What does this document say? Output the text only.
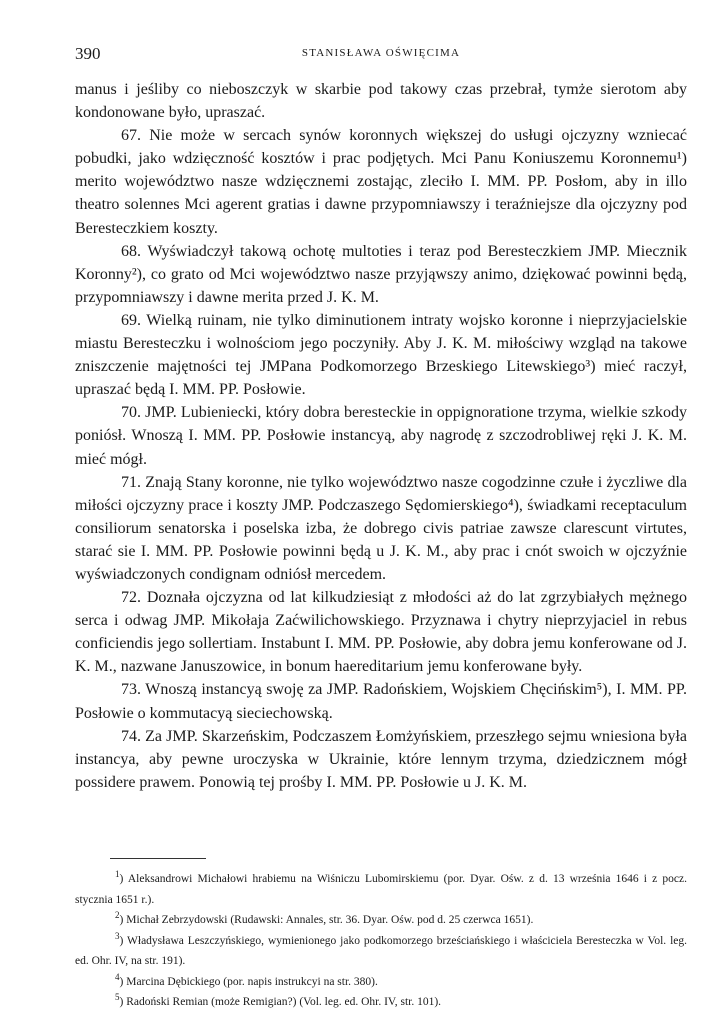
390	STANISŁAWA OŚWIĘCIMA

manus i jeśliby co nieboszczyk w skarbie pod takowy czas przebrał, tymże sierotom aby kondonowane było, upraszać.

67. Nie może w sercach synów koronnych większej do usługi ojczyzny wzniecać pobudki, jako wdzięczność kosztów i prac podjętych. Mci Panu Koniuszemu Koronnemu¹) merito województwo nasze wdzięcznemi zostając, zleciło I. MM. PP. Posłom, aby in illo theatro solennes Mci agerent gratias i dawne przypomniawszy i teraźniejsze dla ojczyzny pod Beresteczkiem koszty.

68. Wyświadczył takową ochotę multoties i teraz pod Beresteczkiem JMP. Miecznik Koronny²), co grato od Mci województwo nasze przyjąwszy animo, dziękować powinni będą, przypomniawszy i dawne merita przed J. K. M.

69. Wielką ruinam, nie tylko diminutionem intraty wojsko koronne i nieprzyjacielskie miastu Beresteczku i wolnościom jego poczyniły. Aby J. K. M. miłościwy wzgląd na takowe zniszczenie majętności tej JMPana Podkomorzego Brzeskiego Litewskiego³) mieć raczył, upraszać będą I. MM. PP. Posłowie.

70. JMP. Lubieniecki, który dobra beresteckie in oppignoratione trzyma, wielkie szkody poniósł. Wnoszą I. MM. PP. Posłowie instancyą, aby nagrodę z szczodrobliwej ręki J. K. M. mieć mógł.

71. Znają Stany koronne, nie tylko województwo nasze cogodzinne czułe i życzliwe dla miłości ojczyzny prace i koszty JMP. Podczaszego Sędomierskiego⁴), świadkami receptaculum consiliorum senatorska i poselska izba, że dobrego civis patriae zawsze clarescunt virtutes, starać sie I. MM. PP. Posłowie powinni będą u J. K. M., aby prac i cnót swoich w ojczyźnie wyświadczonych condignam odniósł mercedem.

72. Doznała ojczyzna od lat kilkudziesiąt z młodości aż do lat zgrzybiałych mężnego serca i odwag JMP. Mikołaja Zaćwilichowskiego. Przyznawa i chytry nieprzyjaciel in rebus conficiendis jego sollertiam. Instabunt I. MM. PP. Posłowie, aby dobra jemu konferowane od J. K. M., nazwane Januszowice, in bonum haereditarium jemu konferowane były.

73. Wnoszą instancyą swoję za JMP. Radońskiem, Wojskiem Chęcińskim⁵), I. MM. PP. Posłowie o kommutacyą sieciechowską.

74. Za JMP. Skarzeńskim, Podczaszem Łomżyńskiem, przeszłego sejmu wniesiona była instancya, aby pewne uroczyska w Ukrainie, które lennym trzyma, dziedzicznem mógł possidere prawem. Ponowią tej prośby I. MM. PP. Posłowie u J. K. M.

$^1$) Aleksandrowi Michałowi hrabiemu na Wiśniczu Lubomirskiemu (por. Dyar. Ośw. z d. 13 września 1646 i z pocz. stycznia 1651 r.).

$^2$) Michał Zebrzydowski (Rudawski: Annales, str. 36. Dyar. Ośw. pod d. 25 czerwca 1651).

$^3$) Władysława Leszczyńskiego, wymienionego jako podkomorzego brześciańskiego i właściciela Beresteczka w Vol. leg. ed. Ohr. IV, na str. 191).

$^4$) Marcina Dębickiego (por. napis instrukcyi na str. 380).

$^5$) Radoński Remian (może Remigian?) (Vol. leg. ed. Ohr. IV, str. 101).
